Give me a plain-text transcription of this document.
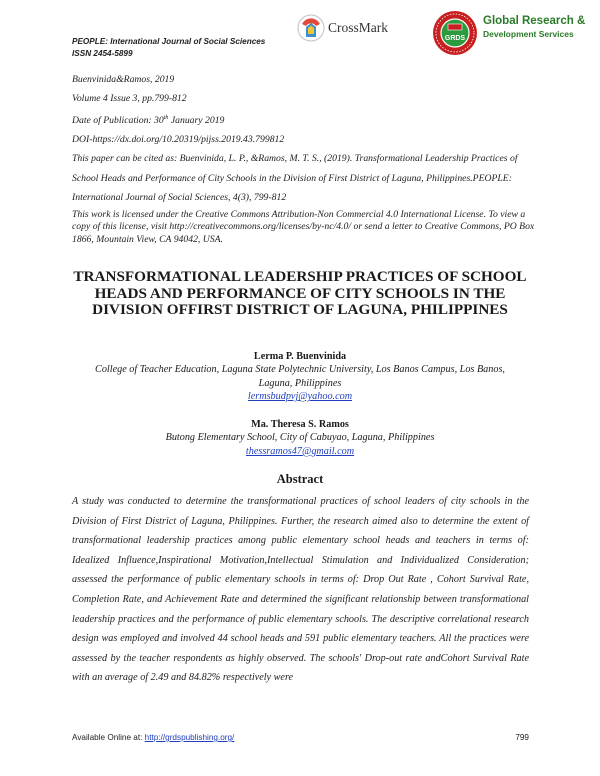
PEOPLE: International Journal of Social Sciences
ISSN 2454-5899
CrossMark
GRDS
Global Research &
Development Services
Buenvinida&Ramos, 2019
Volume 4 Issue 3, pp.799-812
Date of Publication: 30th January 2019
DOI-https://dx.doi.org/10.20319/pijss.2019.43.799812
This paper can be cited as: Buenvinida, L. P., &Ramos, M. T. S., (2019). Transformational Leadership Practices of School Heads and Performance of City Schools in the Division of First District of Laguna, Philippines.PEOPLE: International Journal of Social Sciences, 4(3), 799-812
This work is licensed under the Creative Commons Attribution-Non Commercial 4.0 International License. To view a copy of this license, visit http://creativecommons.org/licenses/by-nc/4.0/ or send a letter to Creative Commons, PO Box 1866, Mountain View, CA 94042, USA.
TRANSFORMATIONAL LEADERSHIP PRACTICES OF SCHOOL HEADS AND PERFORMANCE OF CITY SCHOOLS IN THE DIVISION OFFIRST DISTRICT OF LAGUNA, PHILIPPINES
Lerma P. Buenvinida
College of Teacher Education, Laguna State Polytechnic University, Los Banos Campus, Los Banos, Laguna, Philippines
lermsbudpvj@yahoo.com
Ma. Theresa S. Ramos
Butong Elementary School, City of Cabuyao, Laguna, Philippines
thessramos47@gmail.com
Abstract
A study was conducted to determine the transformational practices of school leaders of city schools in the Division of First District of Laguna, Philippines. Further, the research aimed also to determine the extent of transformational leadership practices among public elementary school heads and teachers in terms of: Idealized Influence,Inspirational Motivation,Intellectual Stimulation and Individualized Consideration; assessed the performance of public elementary schools in terms of: Drop Out Rate , Cohort Survival Rate, Completion Rate, and Achievement Rate and determined the significant relationship between transformational leadership practices and the performance of public elementary schools. The descriptive correlational research design was employed and involved 44 school heads and 591 public elementary teachers. All the practices were assessed by the teacher respondents as highly observed. The schools' Drop-out rate andCohort Survival Rate with an average of 2.49 and 84.82% respectively were
Available Online at: http://grdspublishing.org/	799
